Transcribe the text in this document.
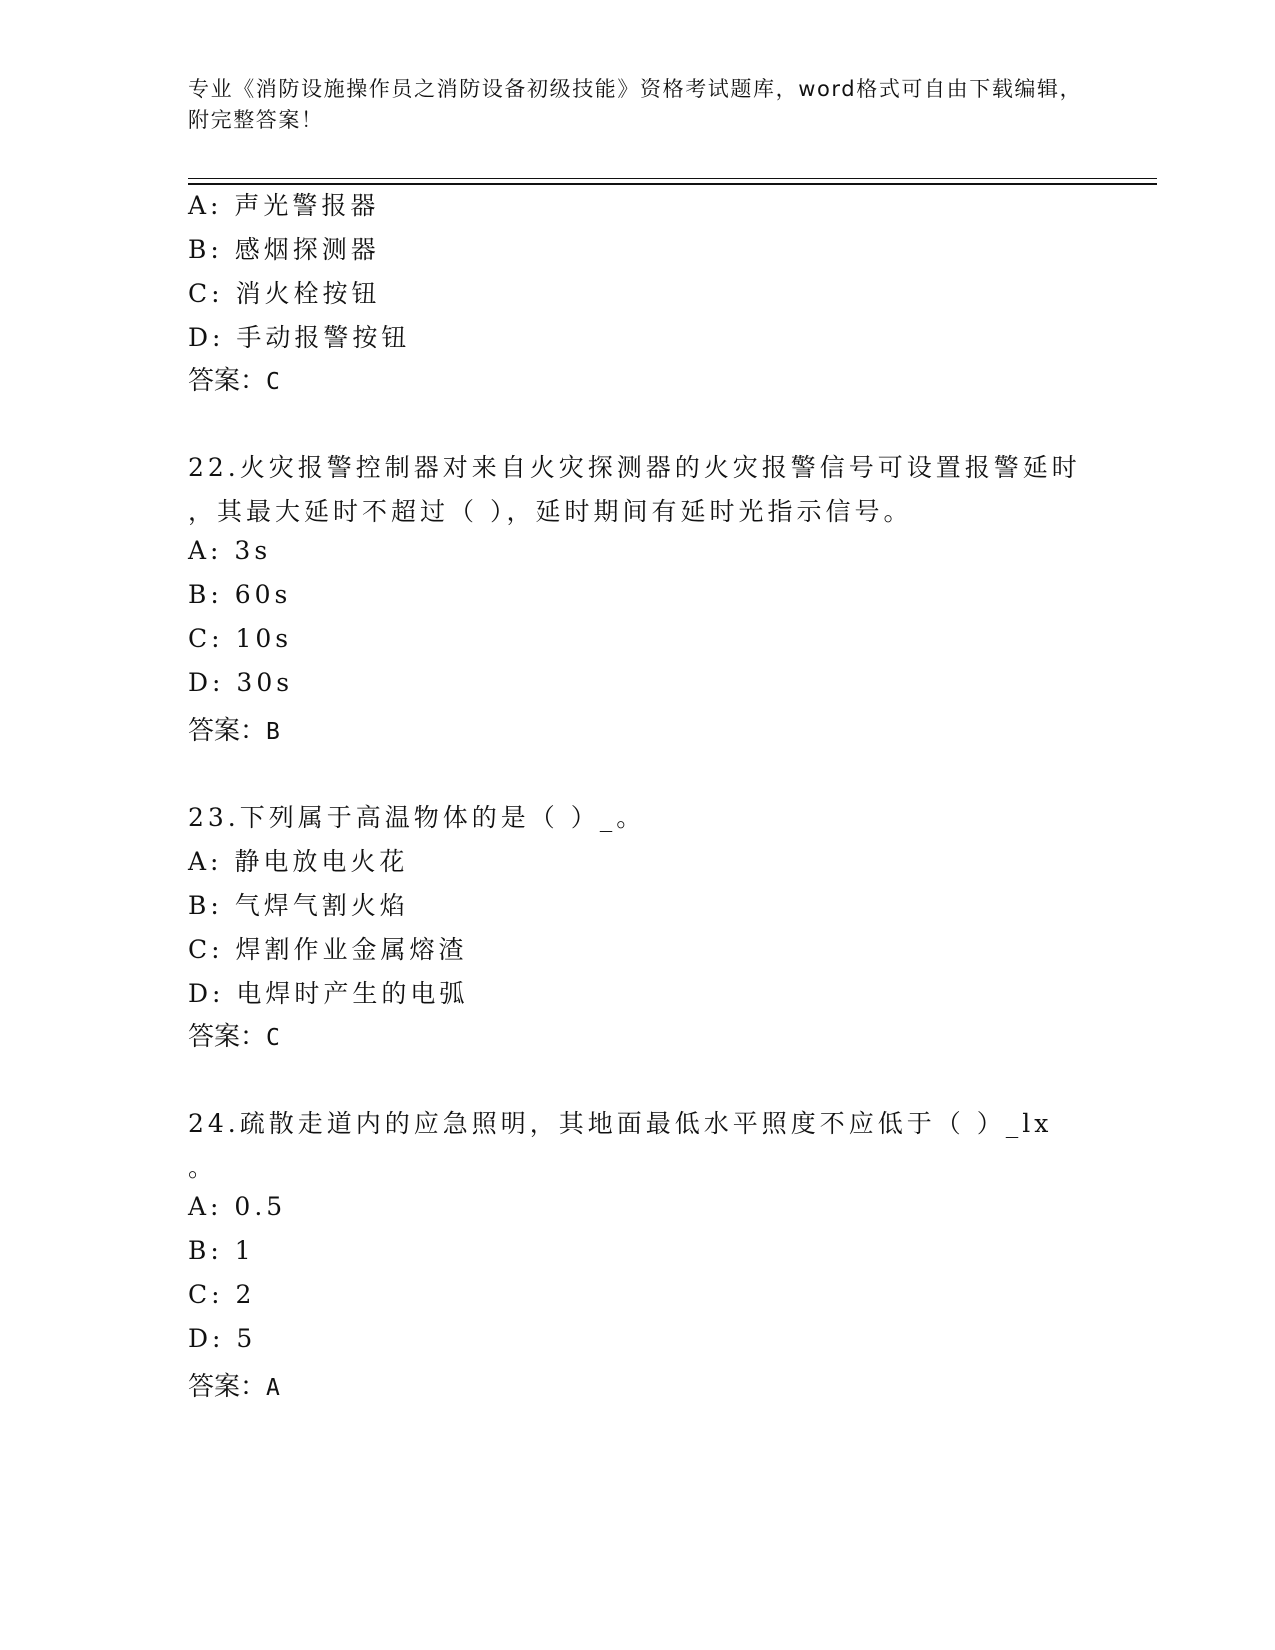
专业《消防设施操作员之消防设备初级技能》资格考试题库，word格式可自由下载编辑，附完整答案！
A: 声光警报器
B: 感烟探测器
C: 消火栓按钮
D: 手动报警按钮
答案：C
22.火灾报警控制器对来自火灾探测器的火灾报警信号可设置报警延时
，其最大延时不超过（ ），延时期间有延时光指示信号。
A: 3s
B: 60s
C: 10s
D: 30s
答案：B
23.下列属于高温物体的是（ ）_。
A: 静电放电火花
B: 气焊气割火焰
C: 焊割作业金属熔渣
D: 电焊时产生的电弧
答案：C
24.疏散走道内的应急照明，其地面最低水平照度不应低于（ ）_lx
。
A: 0.5
B: 1
C: 2
D: 5
答案：A
